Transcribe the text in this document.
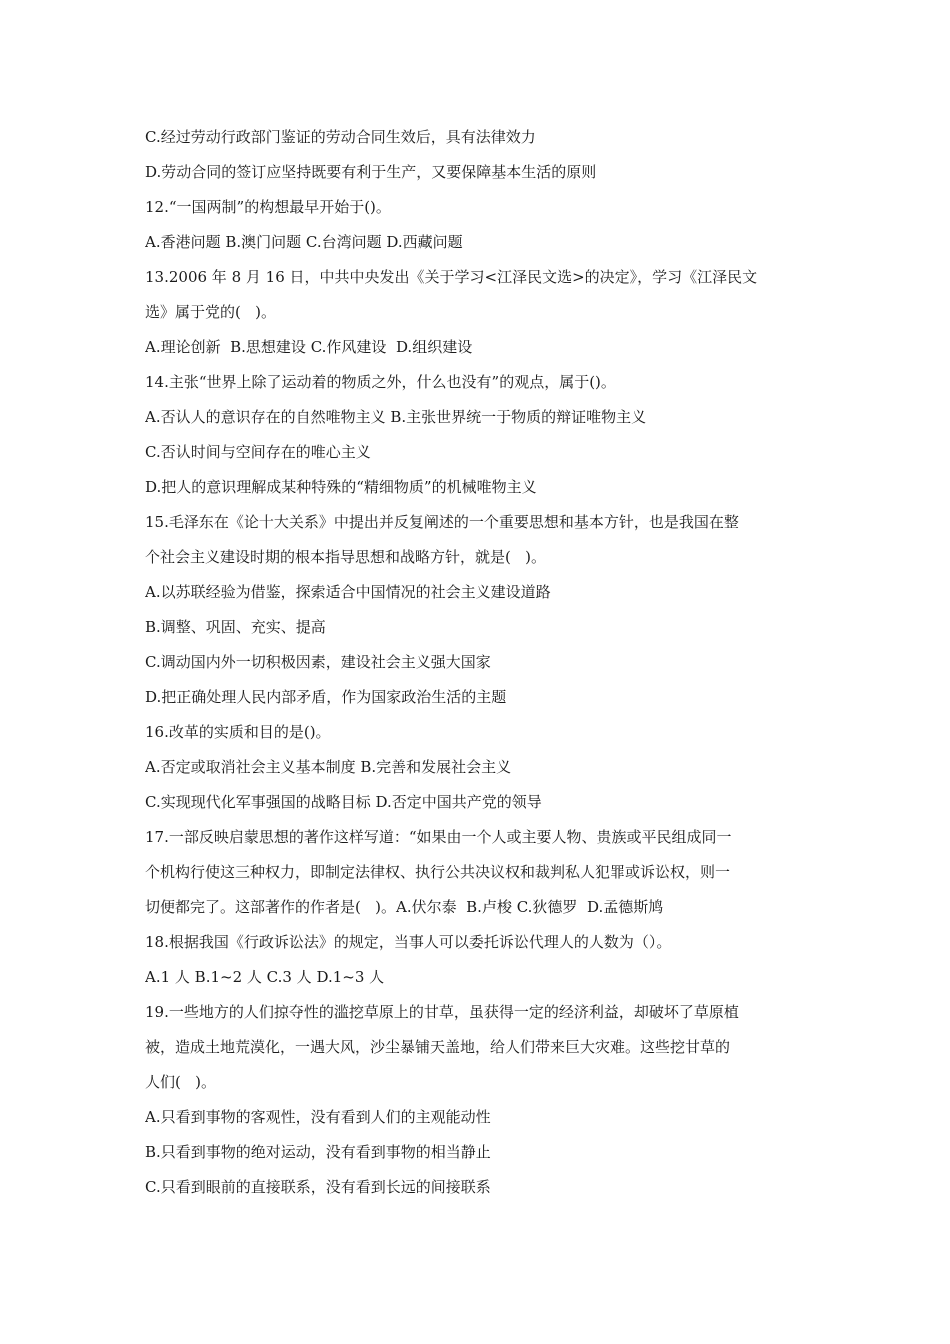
C.经过劳动行政部门鉴证的劳动合同生效后，具有法律效力
D.劳动合同的签订应坚持既要有利于生产，又要保障基本生活的原则
12.“一国两制”的构想最早开始于()。
A.香港问题 B.澳门问题 C.台湾问题 D.西藏问题
13.2006 年 8 月 16 日，中共中央发出《关于学习<江泽民文选>的决定》，学习《江泽民文
选》属于党的(   )。
A.理论创新  B.思想建设 C.作风建设  D.组织建设
14.主张“世界上除了运动着的物质之外，什么也没有”的观点，属于()。
A.否认人的意识存在的自然唯物主义 B.主张世界统一于物质的辩证唯物主义
C.否认时间与空间存在的唯心主义
D.把人的意识理解成某种特殊的“精细物质”的机械唯物主义
15.毛泽东在《论十大关系》中提出并反复阐述的一个重要思想和基本方针，也是我国在整
个社会主义建设时期的根本指导思想和战略方针，就是(   )。
A.以苏联经验为借鉴，探索适合中国情况的社会主义建设道路
B.调整、巩固、充实、提高
C.调动国内外一切积极因素，建设社会主义强大国家
D.把正确处理人民内部矛盾，作为国家政治生活的主题
16.改革的实质和目的是()。
A.否定或取消社会主义基本制度 B.完善和发展社会主义
C.实现现代化军事强国的战略目标 D.否定中国共产党的领导
17.一部反映启蒙思想的著作这样写道：“如果由一个人或主要人物、贵族或平民组成同一
个机构行使这三种权力，即制定法律权、执行公共决议权和裁判私人犯罪或诉讼权，则一
切便都完了。这部著作的作者是(   )。A.伏尔泰  B.卢梭 C.狄德罗  D.孟德斯鸠
18.根据我国《行政诉讼法》的规定，当事人可以委托诉讼代理人的人数为（）。
A.1 人 B.1~2 人 C.3 人 D.1~3 人
19.一些地方的人们掠夺性的滥挖草原上的甘草，虽获得一定的经济利益，却破坏了草原植
被，造成土地荒漠化，一遇大风，沙尘暴铺天盖地，给人们带来巨大灾难。这些挖甘草的
人们(   )。
A.只看到事物的客观性，没有看到人们的主观能动性
B.只看到事物的绝对运动，没有看到事物的相当静止
C.只看到眼前的直接联系，没有看到长远的间接联系
